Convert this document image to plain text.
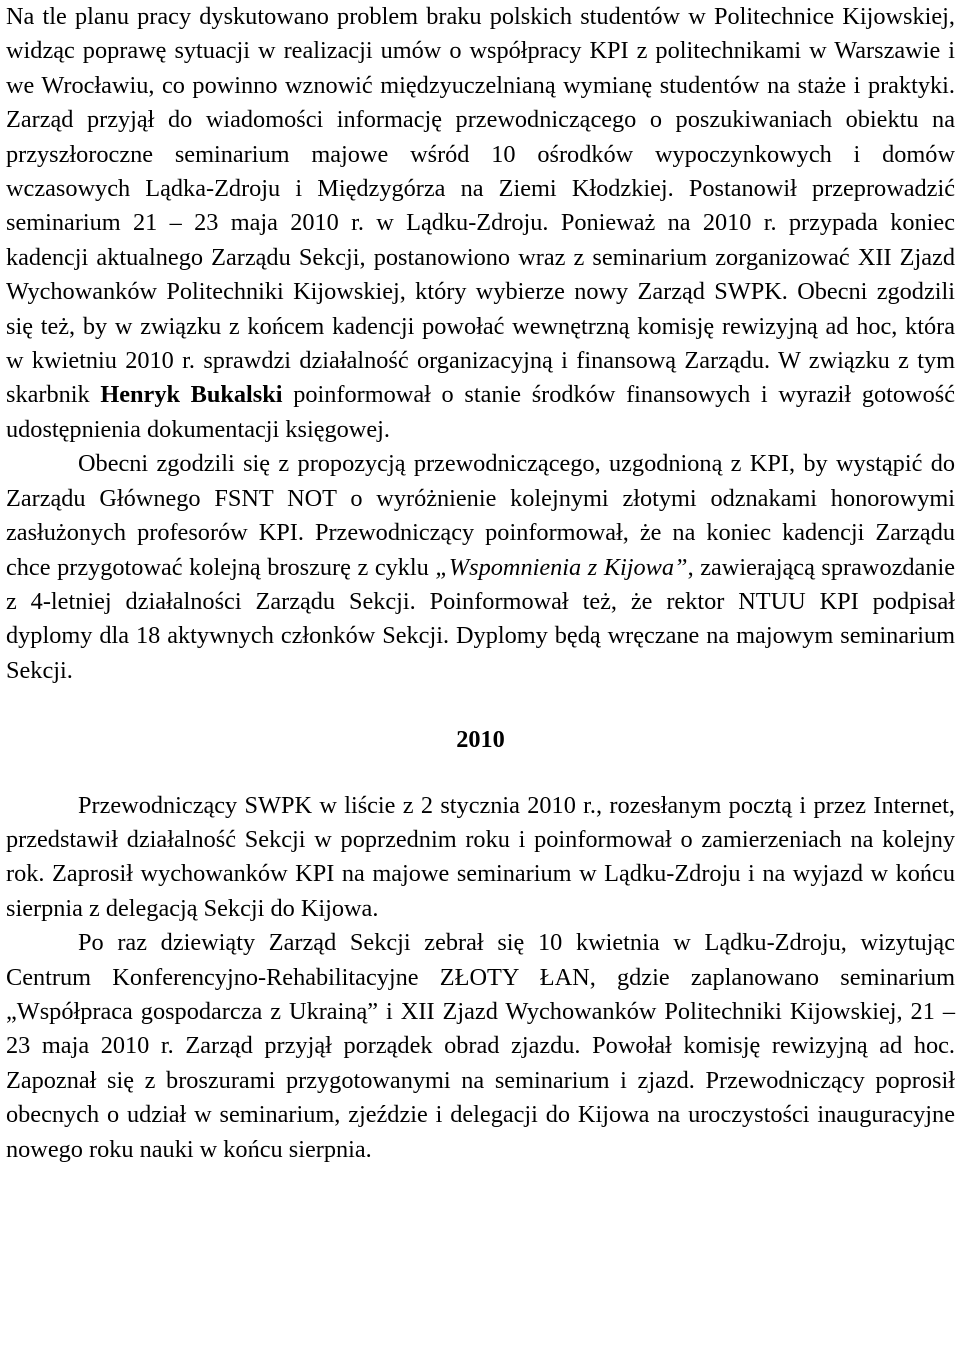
Na tle planu pracy dyskutowano problem braku polskich studentów w Politechnice Kijowskiej, widząc poprawę sytuacji w realizacji umów o współpracy KPI z politechnikami w Warszawie i we Wrocławiu, co powinno wznowić międzyuczelnianą wymianę studentów na staże i praktyki. Zarząd przyjął do wiadomości informację przewodniczącego o poszukiwaniach obiektu na przyszłoroczne seminarium majowe wśród 10 ośrodków wypoczynkowych i domów wczasowych Lądka-Zdroju i Międzygórza na Ziemi Kłodzkiej. Postanowił przeprowadzić seminarium 21 – 23 maja 2010 r. w Lądku-Zdroju. Ponieważ na 2010 r. przypada koniec kadencji aktualnego Zarządu Sekcji, postanowiono wraz z seminarium zorganizować XII Zjazd Wychowanków Politechniki Kijowskiej, który wybierze nowy Zarząd SWPK. Obecni zgodzili się też, by w związku z końcem kadencji powołać wewnętrzną komisję rewizyjną ad hoc, która w kwietniu 2010 r. sprawdzi działalność organizacyjną i finansową Zarządu. W związku z tym skarbnik Henryk Bukalski poinformował o stanie środków finansowych i wyraził gotowość udostępnienia dokumentacji księgowej.

Obecni zgodzili się z propozycją przewodniczącego, uzgodnioną z KPI, by wystąpić do Zarządu Głównego FSNT NOT o wyróżnienie kolejnymi złotymi odznakami honorowymi zasłużonych profesorów KPI. Przewodniczący poinformował, że na koniec kadencji Zarządu chce przygotować kolejną broszurę z cyklu „Wspomnienia z Kijowa”, zawierającą sprawozdanie z 4-letniej działalności Zarządu Sekcji. Poinformował też, że rektor NTUU KPI podpisał dyplomy dla 18 aktywnych członków Sekcji. Dyplomy będą wręczane na majowym seminarium Sekcji.

2010

Przewodniczący SWPK w liście z 2 stycznia 2010 r., rozesłanym pocztą i przez Internet, przedstawił działalność Sekcji w poprzednim roku i poinformował o zamierzeniach na kolejny rok. Zaprosił wychowanków KPI na majowe seminarium w Lądku-Zdroju i na wyjazd w końcu sierpnia z delegacją Sekcji do Kijowa.

Po raz dziewiąty Zarząd Sekcji zebrał się 10 kwietnia w Lądku-Zdroju, wizytując Centrum Konferencyjno-Rehabilitacyjne ZŁOTY ŁAN, gdzie zaplanowano seminarium „Współpraca gospodarcza z Ukrainą” i XII Zjazd Wychowanków Politechniki Kijowskiej, 21 – 23 maja 2010 r. Zarząd przyjął porządek obrad zjazdu. Powołał komisję rewizyjną ad hoc. Zapoznał się z broszurami przygotowanymi na seminarium i zjazd. Przewodniczący poprosił obecnych o udział w seminarium, zjeździe i delegacji do Kijowa na uroczystości inauguracyjne nowego roku nauki w końcu sierpnia.
